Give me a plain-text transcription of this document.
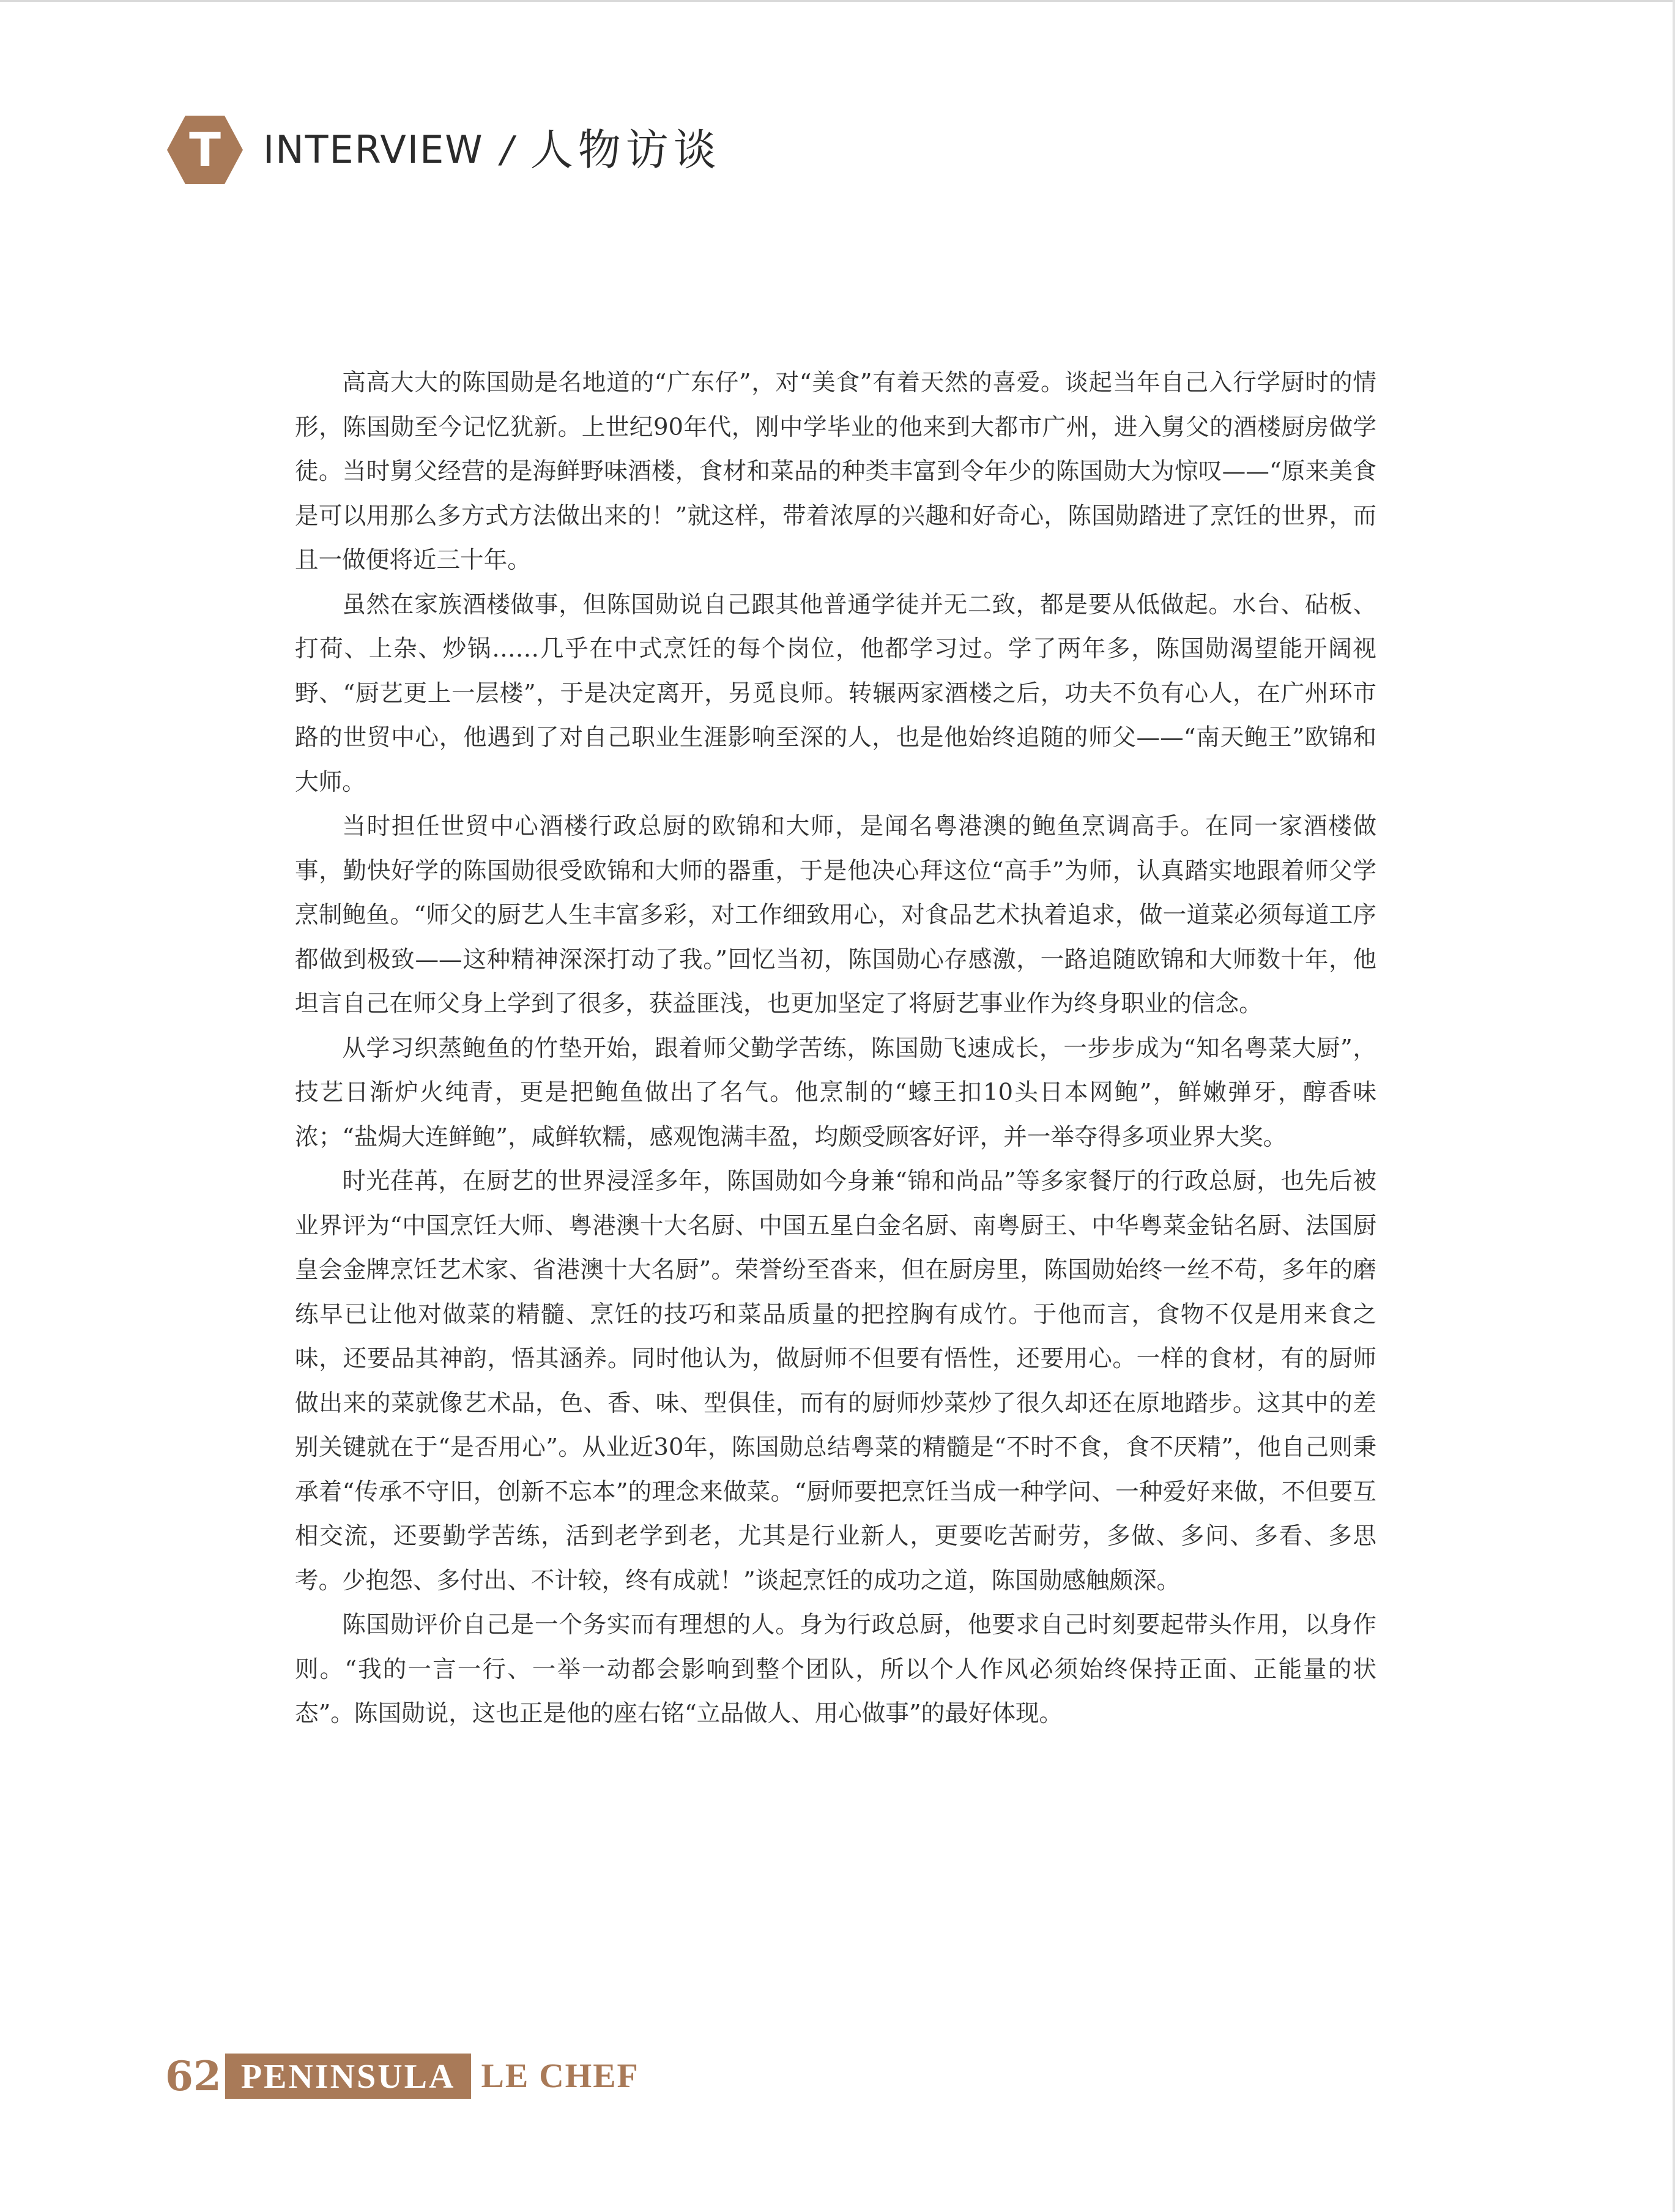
T INTERVIEW / 人物访谈

高高大大的陈国勋是名地道的“广东仔”，对“美食”有着天然的喜爱。谈起当年自己入行学厨时的情形，陈国勋至今记忆犹新。上世纪90年代，刚中学毕业的他来到大都市广州，进入舅父的酒楼厨房做学徒。当时舅父经营的是海鲜野味酒楼，食材和菜品的种类丰富到令年少的陈国勋大为惊叹——“原来美食是可以用那么多方式方法做出来的！”就这样，带着浓厚的兴趣和好奇心，陈国勋踏进了烹饪的世界，而且一做便将近三十年。

虽然在家族酒楼做事，但陈国勋说自己跟其他普通学徒并无二致，都是要从低做起。水台、砧板、打荷、上杂、炒锅……几乎在中式烹饪的每个岗位，他都学习过。学了两年多，陈国勋渴望能开阔视野、“厨艺更上一层楼”，于是决定离开，另觅良师。转辗两家酒楼之后，功夫不负有心人，在广州环市路的世贸中心，他遇到了对自己职业生涯影响至深的人，也是他始终追随的师父——“南天鲍王”欧锦和大师。

当时担任世贸中心酒楼行政总厨的欧锦和大师，是闻名粤港澳的鲍鱼烹调高手。在同一家酒楼做事，勤快好学的陈国勋很受欧锦和大师的器重，于是他决心拜这位“高手”为师，认真踏实地跟着师父学烹制鲍鱼。“师父的厨艺人生丰富多彩，对工作细致用心，对食品艺术执着追求，做一道菜必须每道工序都做到极致——这种精神深深打动了我。”回忆当初，陈国勋心存感激，一路追随欧锦和大师数十年，他坦言自己在师父身上学到了很多，获益匪浅，也更加坚定了将厨艺事业作为终身职业的信念。

从学习织蒸鲍鱼的竹垫开始，跟着师父勤学苦练，陈国勋飞速成长，一步步成为“知名粤菜大厨”，技艺日渐炉火纯青，更是把鲍鱼做出了名气。他烹制的“蠔王扣10头日本网鲍”，鲜嫩弹牙，醇香味浓；“盐焗大连鲜鲍”，咸鲜软糯，感观饱满丰盈，均颇受顾客好评，并一举夺得多项业界大奖。

时光荏苒，在厨艺的世界浸淫多年，陈国勋如今身兼“锦和尚品”等多家餐厅的行政总厨，也先后被业界评为“中国烹饪大师、粤港澳十大名厨、中国五星白金名厨、南粤厨王、中华粤菜金钻名厨、法国厨皇会金牌烹饪艺术家、省港澳十大名厨”。荣誉纷至沓来，但在厨房里，陈国勋始终一丝不苟，多年的磨练早已让他对做菜的精髓、烹饪的技巧和菜品质量的把控胸有成竹。于他而言，食物不仅是用来食之味，还要品其神韵，悟其涵养。同时他认为，做厨师不但要有悟性，还要用心。一样的食材，有的厨师做出来的菜就像艺术品，色、香、味、型俱佳，而有的厨师炒菜炒了很久却还在原地踏步。这其中的差别关键就在于“是否用心”。从业近30年，陈国勋总结粤菜的精髓是“不时不食，食不厌精”，他自己则秉承着“传承不守旧，创新不忘本”的理念来做菜。“厨师要把烹饪当成一种学问、一种爱好来做，不但要互相交流，还要勤学苦练，活到老学到老，尤其是行业新人，更要吃苦耐劳，多做、多问、多看、多思考。少抱怨、多付出、不计较，终有成就！”谈起烹饪的成功之道，陈国勋感触颇深。

陈国勋评价自己是一个务实而有理想的人。身为行政总厨，他要求自己时刻要起带头作用，以身作则。“我的一言一行、一举一动都会影响到整个团队，所以个人作风必须始终保持正面、正能量的状态”。陈国勋说，这也正是他的座右铭“立品做人、用心做事”的最好体现。

62 PENINSULA LE CHEF
